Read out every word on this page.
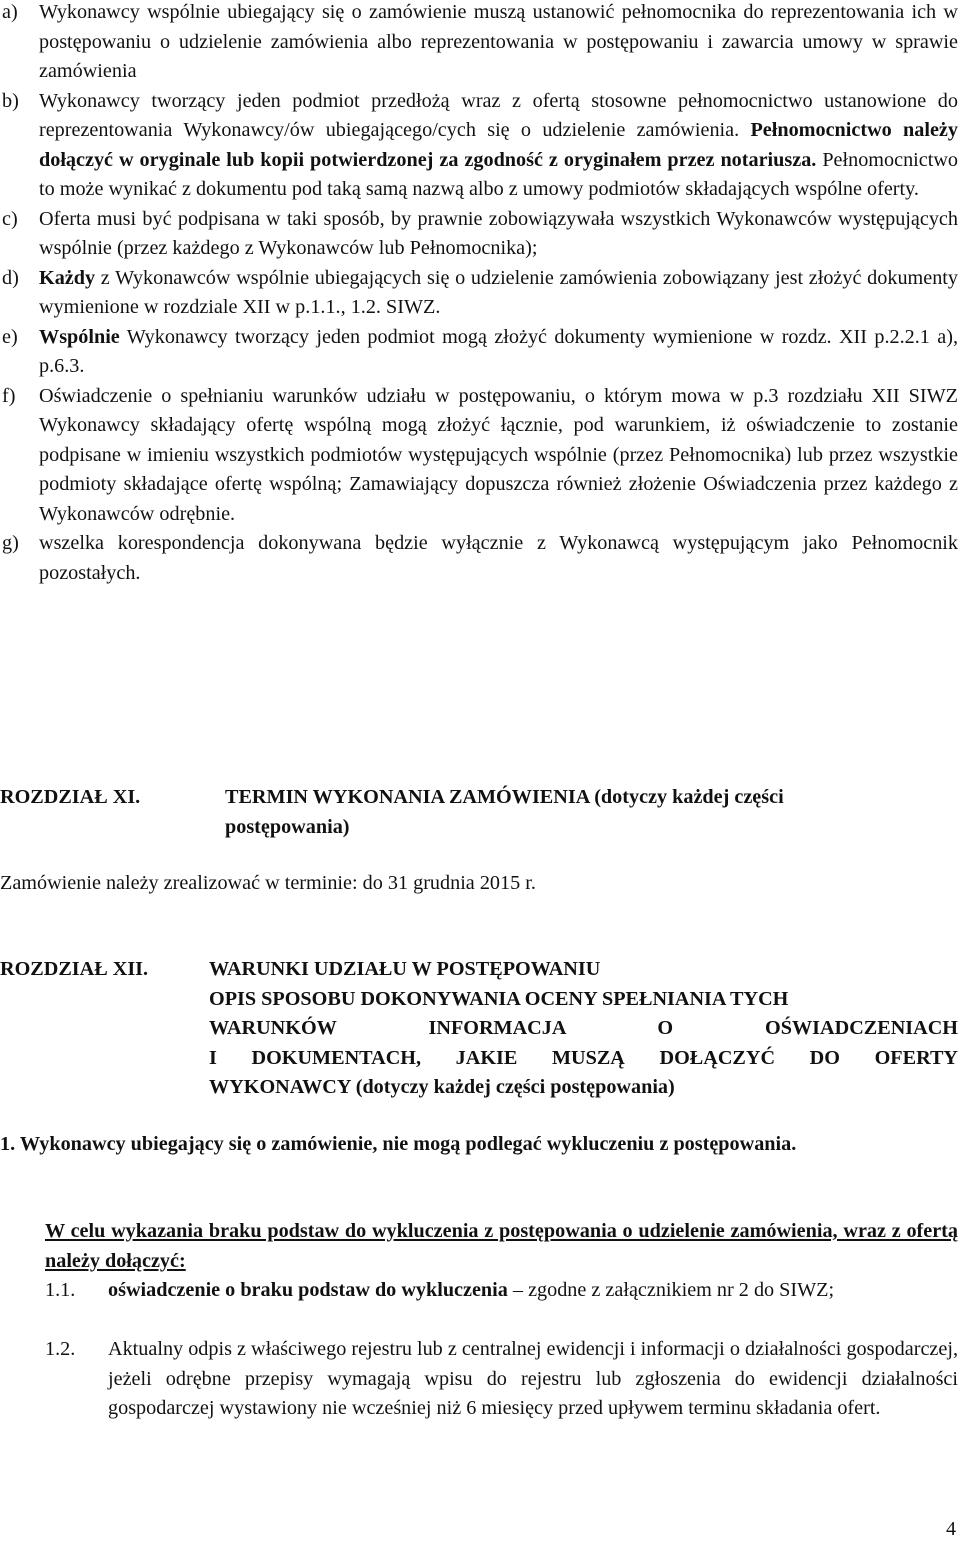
a)	Wykonawcy wspólnie ubiegający się o zamówienie muszą ustanowić pełnomocnika do reprezentowania ich w postępowaniu o udzielenie zamówienia albo reprezentowania w postępowaniu i zawarcia umowy w sprawie zamówienia
b) Wykonawcy tworzący jeden podmiot przedłożą wraz z ofertą stosowne pełnomocnictwo ustanowione do reprezentowania Wykonawcy/ów ubiegającego/cych się o udzielenie zamówienia. Pełnomocnictwo należy dołączyć w oryginale lub kopii potwierdzonej za zgodność z oryginałem przez notariusza. Pełnomocnictwo to może wynikać z dokumentu pod taką samą nazwą albo z umowy podmiotów składających wspólne oferty.
c)	Oferta musi być podpisana w taki sposób, by prawnie zobowiązywała wszystkich Wykonawców występujących wspólnie (przez każdego z Wykonawców lub Pełnomocnika);
d) Każdy z Wykonawców wspólnie ubiegających się o udzielenie zamówienia zobowiązany jest złożyć dokumenty wymienione w rozdziale XII w p.1.1., 1.2. SIWZ.
e)	Wspólnie Wykonawcy tworzący jeden podmiot mogą złożyć dokumenty wymienione w rozdz. XII p.2.2.1 a), p.6.3.
f)	Oświadczenie o spełnianiu warunków udziału w postępowaniu, o którym mowa w p.3 rozdziału XII SIWZ Wykonawcy składający ofertę wspólną mogą złożyć łącznie, pod warunkiem, iż oświadczenie to zostanie podpisane w imieniu wszystkich podmiotów występujących wspólnie (przez Pełnomocnika) lub przez wszystkie podmioty składające ofertę wspólną; Zamawiający dopuszcza również złożenie Oświadczenia przez każdego z Wykonawców odrębnie.
g) wszelka korespondencja dokonywana będzie wyłącznie z Wykonawcą występującym jako Pełnomocnik pozostałych.
ROZDZIAŁ XI.	TERMIN WYKONANIA ZAMÓWIENIA (dotyczy każdej części
postępowania)
Zamówienie należy zrealizować w terminie: do 31 grudnia 2015 r.
ROZDZIAŁ XII.	WARUNKI UDZIAŁU W POSTĘPOWANIU
OPIS SPOSOBU DOKONYWANIA OCENY SPEŁNIANIA TYCH
WARUNKÓW INFORMACJA O OŚWIADCZENIACH
I DOKUMENTACH, JAKIE MUSZĄ DOŁĄCZYĆ DO OFERTY
WYKONAWCY (dotyczy każdej części postępowania)
1. Wykonawcy ubiegający się o zamówienie, nie mogą podlegać wykluczeniu z postępowania.
W celu wykazania braku podstaw do wykluczenia z postępowania o udzielenie zamówienia, wraz z ofertą należy dołączyć:
1.1.	oświadczenie o braku podstaw do wykluczenia – zgodne z załącznikiem nr 2 do SIWZ;
1.2.	Aktualny odpis z właściwego rejestru lub z centralnej ewidencji i informacji o działalności gospodarczej, jeżeli odrębne przepisy wymagają wpisu do rejestru lub zgłoszenia do ewidencji działalności gospodarczej wystawiony nie wcześniej niż 6 miesięcy przed upływem terminu składania ofert.
4
